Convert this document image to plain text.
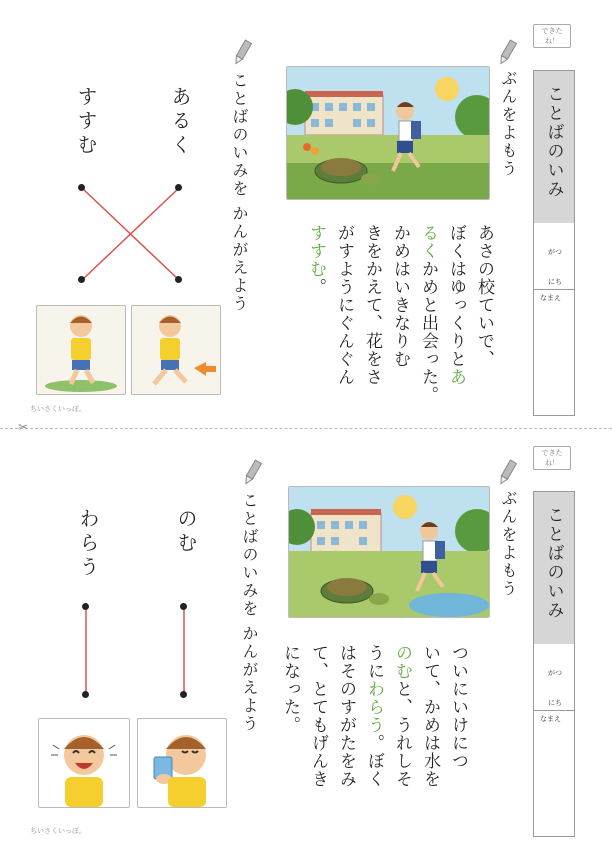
できたね！
ことばのいみ
がつ
にち
なまえ
ぶんをよもう
あさの校ていで、
ぼくはゆっくりとあ
るくかめと出会った。
かめはいきなりむ
きをかえて、花をさ
がすようにぐんぐん
すすむ。
ことばのいみを かんがえよう
あるく
すすむ
ちいさくいっぽ。
✂
できたね！
ことばのいみ
がつ
にち
なまえ
ぶんをよもう
ついにいけにつ
いて、かめは水を
のむと、うれしそ
うにわらう。ぼく
はそのすがたをみ
て、とてもげんき
になった。
ことばのいみを かんがえよう
のむ
わらう
ちいさくいっぽ。
